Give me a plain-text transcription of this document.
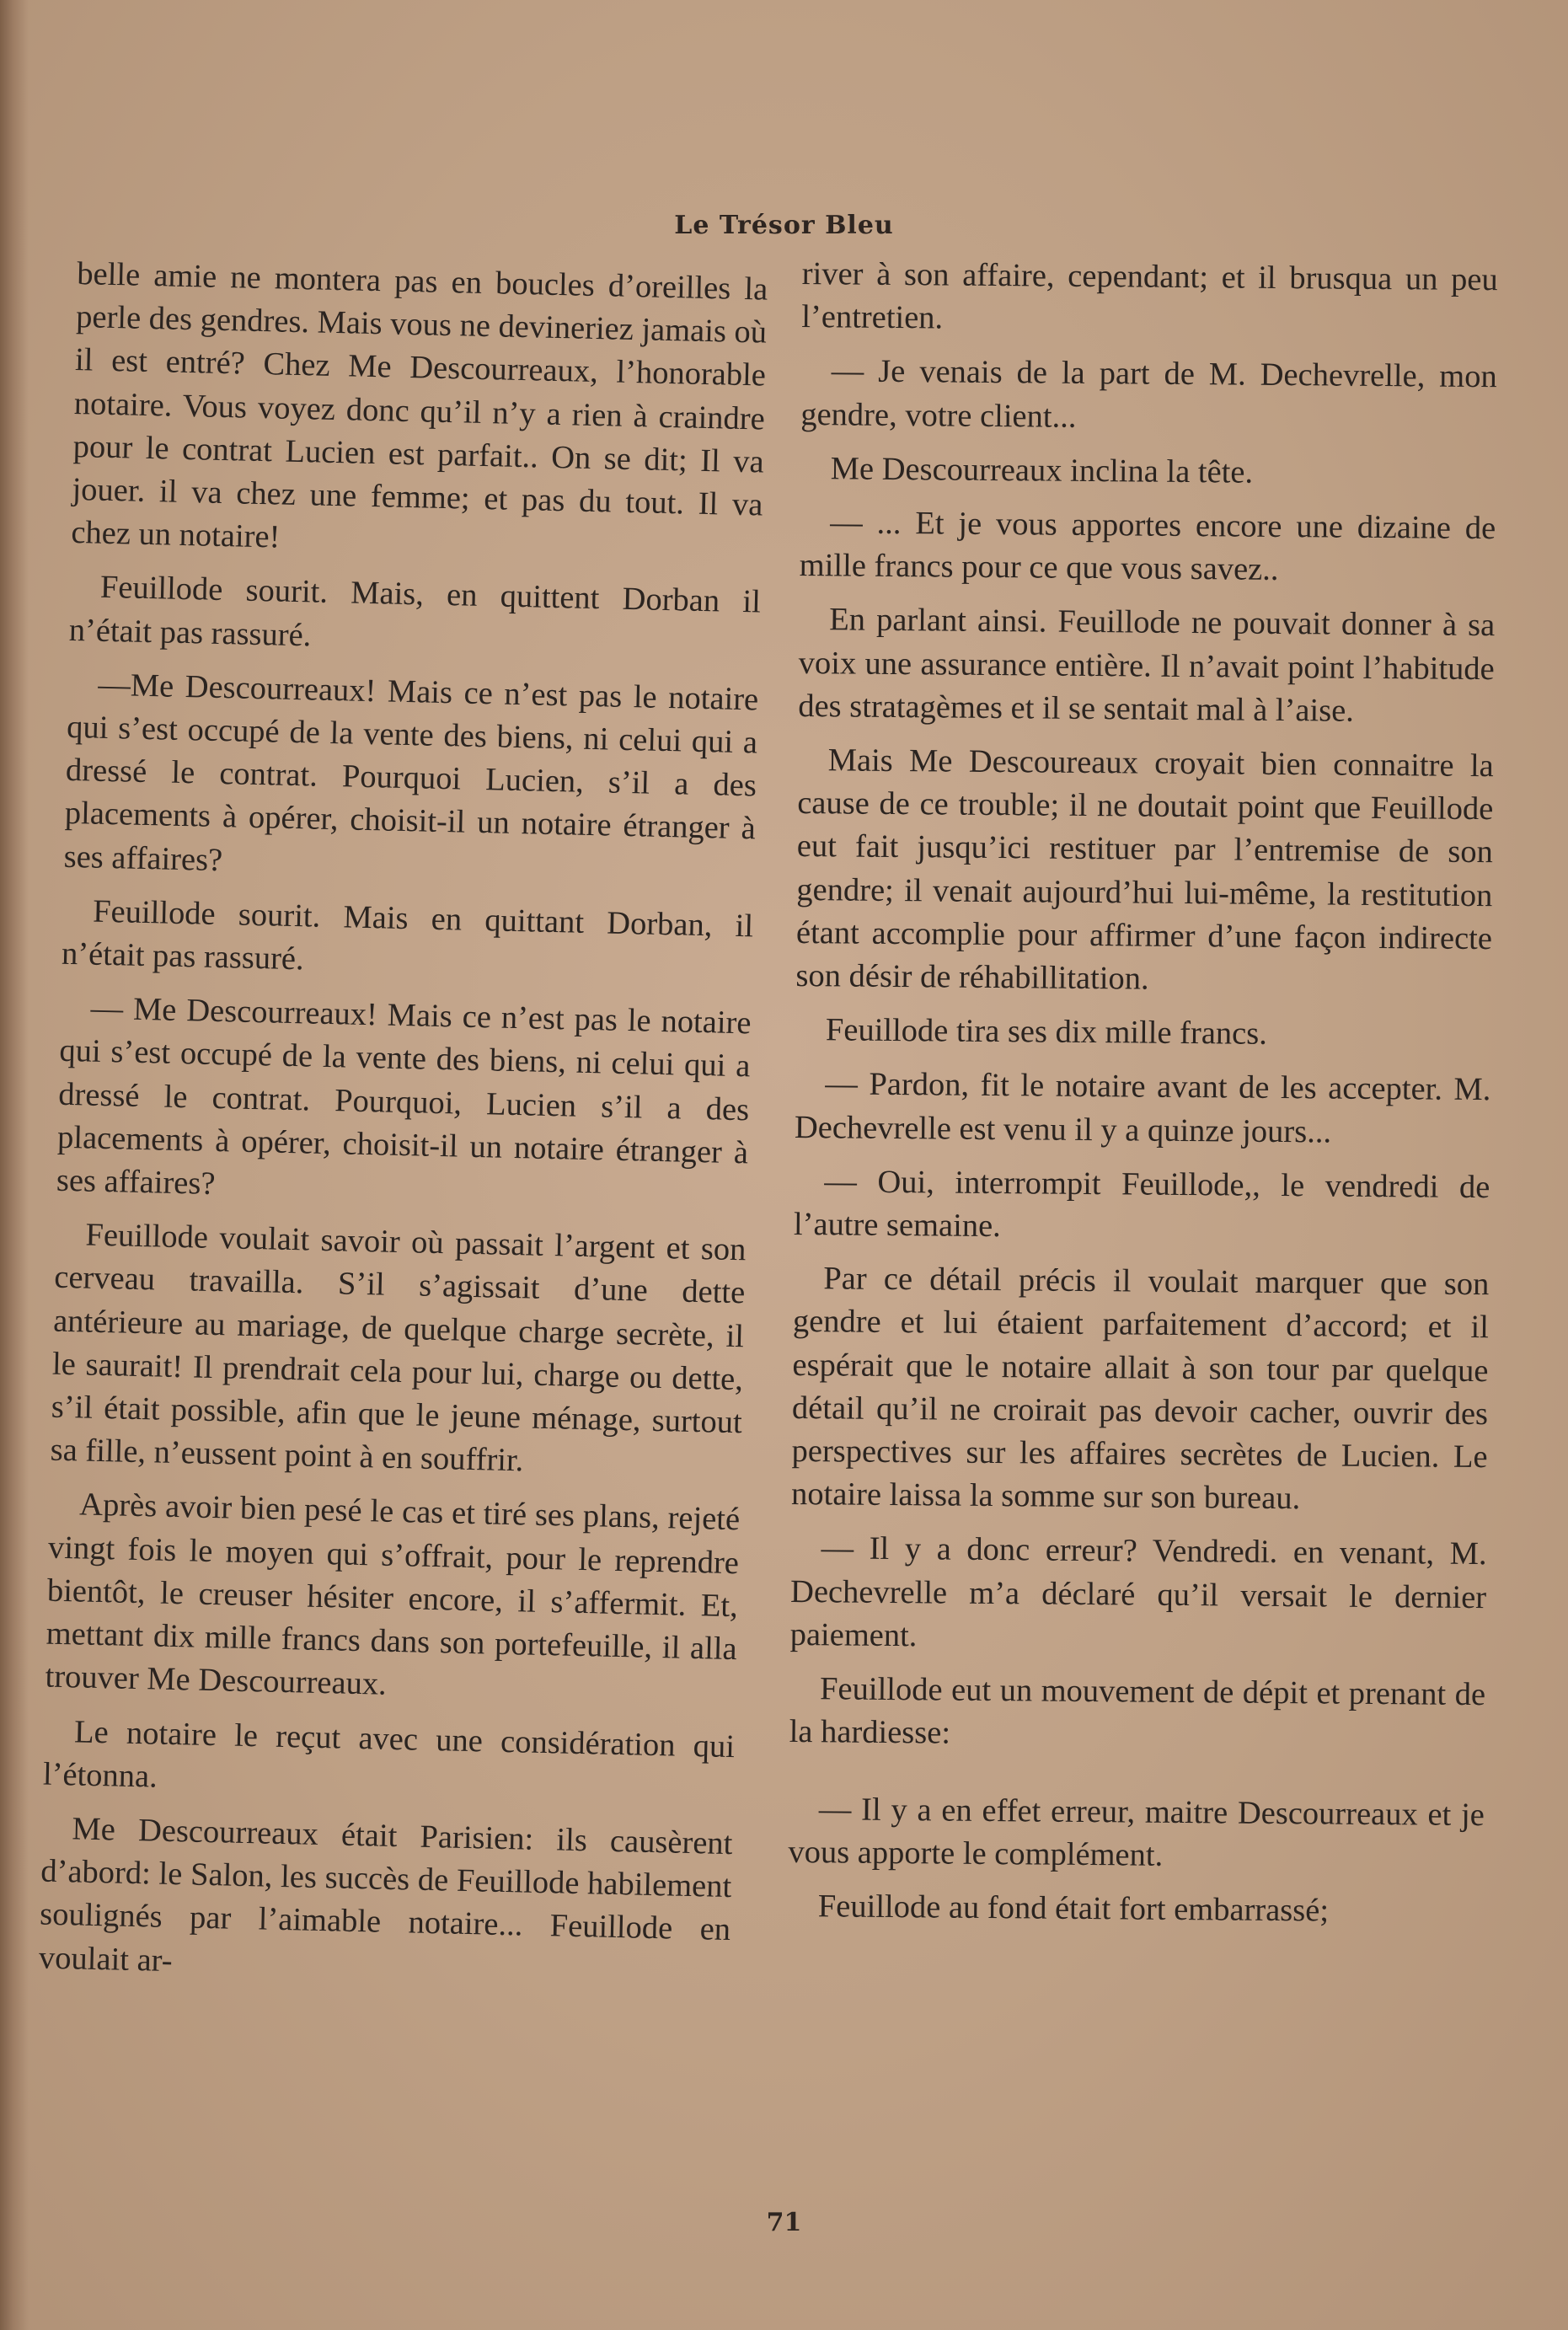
Le Trésor Bleu

belle amie ne montera pas en boucles d’oreilles la perle des gendres. Mais vous ne devineriez jamais où il est entré? Chez Me Descourreaux, l’honorable notaire. Vous voyez donc qu’il n’y a rien à craindre pour le contrat Lucien est parfait.. On se dit; Il va jouer. il va chez une femme; et pas du tout. Il va chez un notaire!

Feuillode sourit. Mais, en quittent Dorban il n’était pas rassuré.

—Me Descourreaux! Mais ce n’est pas le notaire qui s’est occupé de la vente des biens, ni celui qui a dressé le contrat. Pourquoi Lucien, s’il a des placements à opérer, choisit-il un notaire étranger à ses affaires?

Feuillode sourit. Mais en quittant Dorban, il n’était pas rassuré.

— Me Descourreaux! Mais ce n’est pas le notaire qui s’est occupé de la vente des biens, ni celui qui a dressé le contrat. Pourquoi, Lucien s’il a des placements à opérer, choisit-il un notaire étranger à ses affaires?

Feuillode voulait savoir où passait l’argent et son cerveau travailla. S’il s’agissait d’une dette antérieure au mariage, de quelque charge secrète, il le saurait! Il prendrait cela pour lui, charge ou dette, s’il était possible, afin que le jeune ménage, surtout sa fille, n’eussent point à en souffrir.

Après avoir bien pesé le cas et tiré ses plans, rejeté vingt fois le moyen qui s’offrait, pour le reprendre bientôt, le creuser hésiter encore, il s’affermit. Et, mettant dix mille francs dans son portefeuille, il alla trouver Me Descourreaux.

Le notaire le reçut avec une considération qui l’étonna.

Me Descourreaux était Parisien: ils causèrent d’abord: le Salon, les succès de Feuillode habilement soulignés par l’aimable notaire... Feuillode en voulait ar-

river à son affaire, cependant; et il brusqua un peu l’entretien.

— Je venais de la part de M. Dechevrelle, mon gendre, votre client...

Me Descourreaux inclina la tête.

— ... Et je vous apportes encore une dizaine de mille francs pour ce que vous savez..

En parlant ainsi. Feuillode ne pouvait donner à sa voix une assurance entière. Il n’avait point l’habitude des stratagèmes et il se sentait mal à l’aise.

Mais Me Descoureaux croyait bien connaitre la cause de ce trouble; il ne doutait point que Feuillode eut fait jusqu’ici restituer par l’entremise de son gendre; il venait aujourd’hui lui-même, la restitution étant accomplie pour affirmer d’une façon indirecte son désir de réhabillitation.

Feuillode tira ses dix mille francs.

— Pardon, fit le notaire avant de les accepter. M. Dechevrelle est venu il y a quinze jours...

— Oui, interrompit Feuillode,, le vendredi de l’autre semaine.

Par ce détail précis il voulait marquer que son gendre et lui étaient parfaitement d’accord; et il espérait que le notaire allait à son tour par quelque détail qu’il ne croirait pas devoir cacher, ouvrir des perspectives sur les affaires secrètes de Lucien. Le notaire laissa la somme sur son bureau.

— Il y a donc erreur? Vendredi. en venant, M. Dechevrelle m’a déclaré qu’il versait le dernier paiement.

Feuillode eut un mouvement de dépit et prenant de la hardiesse:

— Il y a en effet erreur, maitre Descourreaux et je vous apporte le complément.

Feuillode au fond était fort embarrassé;

71
